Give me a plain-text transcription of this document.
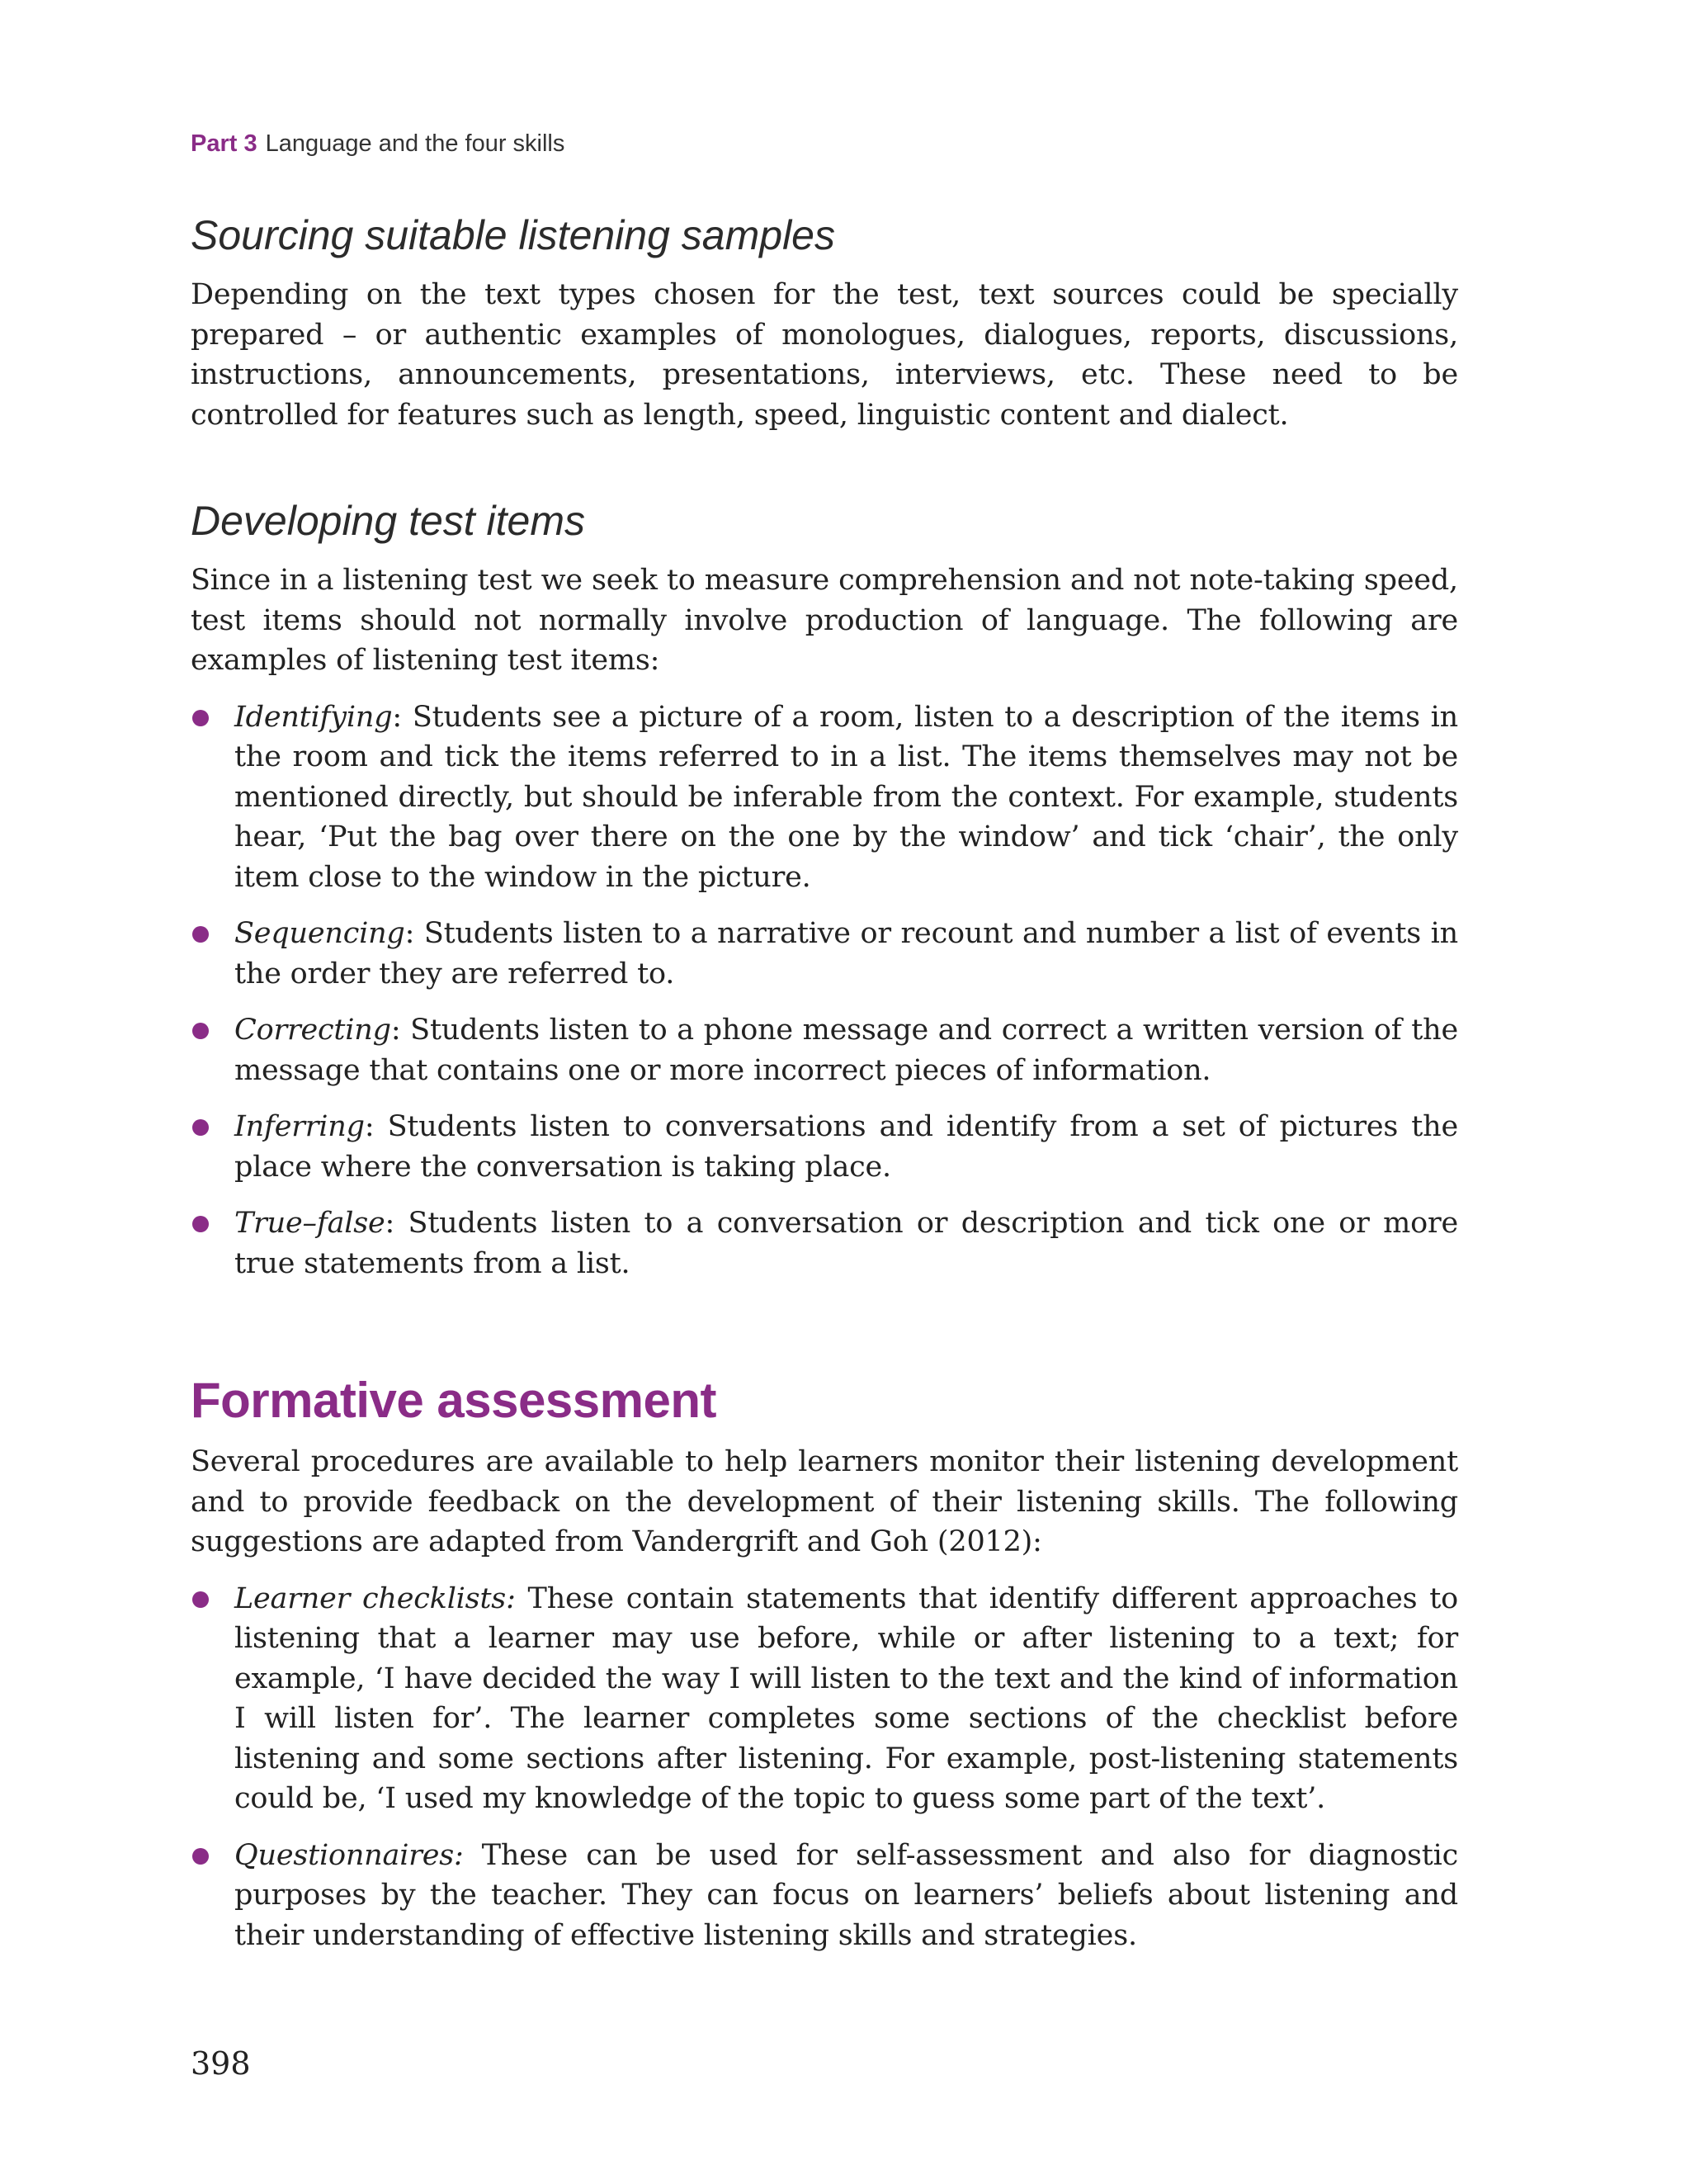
Part 3 Language and the four skills
Sourcing suitable listening samples

Depending on the text types chosen for the test, text sources could be specially prepared – or authentic examples of monologues, dialogues, reports, discussions, instructions, announcements, presentations, interviews, etc. These need to be controlled for features such as length, speed, linguistic content and dialect.

Developing test items

Since in a listening test we seek to measure comprehension and not note-taking speed, test items should not normally involve production of language. The following are examples of listening test items:

Identifying: Students see a picture of a room, listen to a description of the items in the room and tick the items referred to in a list. The items themselves may not be mentioned directly, but should be inferable from the context. For example, students hear, ‘Put the bag over there on the one by the window’ and tick ‘chair’, the only item close to the window in the picture.
Sequencing: Students listen to a narrative or recount and number a list of events in the order they are referred to.
Correcting: Students listen to a phone message and correct a written version of the message that contains one or more incorrect pieces of information.
Inferring: Students listen to conversations and identify from a set of pictures the place where the conversation is taking place.
True–false: Students listen to a conversation or description and tick one or more true statements from a list.
Formative assessment

Several procedures are available to help learners monitor their listening development and to provide feedback on the development of their listening skills. The following suggestions are adapted from Vandergrift and Goh (2012):

Learner checklists: These contain statements that identify different approaches to listening that a learner may use before, while or after listening to a text; for example, ‘I have decided the way I will listen to the text and the kind of information I will listen for’. The learner completes some sections of the checklist before listening and some sections after listening. For example, post-listening statements could be, ‘I used my knowledge of the topic to guess some part of the text’.
Questionnaires: These can be used for self-assessment and also for diagnostic purposes by the teacher. They can focus on learners’ beliefs about listening and their understanding of effective listening skills and strategies.
398
